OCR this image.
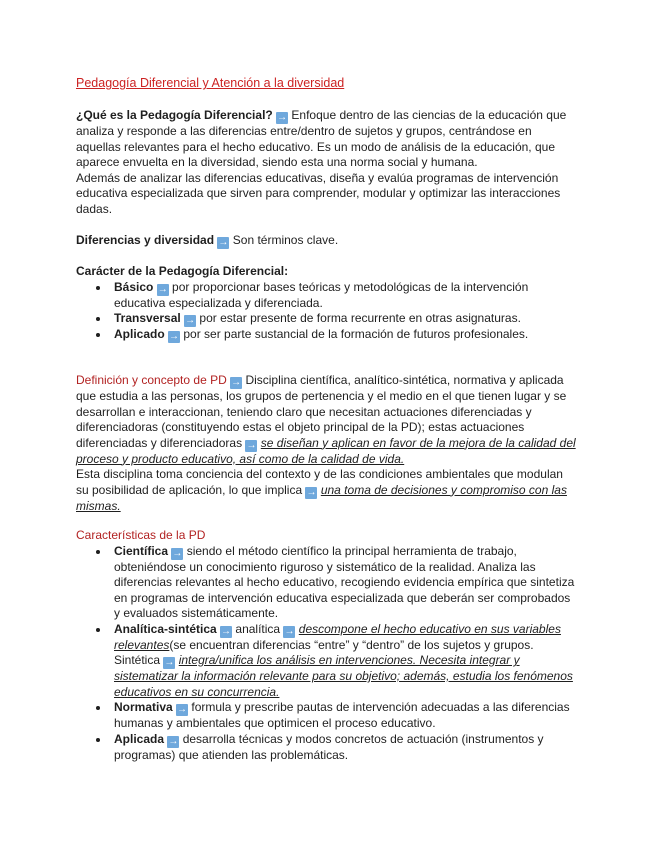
Pedagogía Diferencial y Atención a la diversidad

¿Qué es la Pedagogía Diferencial? → Enfoque dentro de las ciencias de la educación que analiza y responde a las diferencias entre/dentro de sujetos y grupos, centrándose en aquellas relevantes para el hecho educativo. Es un modo de análisis de la educación, que aparece envuelta en la diversidad, siendo esta una norma social y humana.

Además de analizar las diferencias educativas, diseña y evalúa programas de intervención educativa especializada que sirven para comprender, modular y optimizar las interacciones dadas.

Diferencias y diversidad → Son términos clave.

Carácter de la Pedagogía Diferencial:

Básico → por proporcionar bases teóricas y metodológicas de la intervención educativa especializada y diferenciada.
Transversal → por estar presente de forma recurrente en otras asignaturas.
Aplicado → por ser parte sustancial de la formación de futuros profesionales.

Definición y concepto de PD → Disciplina científica, analítico-sintética, normativa y aplicada que estudia a las personas, los grupos de pertenencia y el medio en el que tienen lugar y se desarrollan e interaccionan, teniendo claro que necesitan actuaciones diferenciadas y diferenciadoras (constituyendo estas el objeto principal de la PD); estas actuaciones diferenciadas y diferenciadoras → se diseñan y aplican en favor de la mejora de la calidad del proceso y producto educativo, así como de la calidad de vida.

Esta disciplina toma conciencia del contexto y de las condiciones ambientales que modulan su posibilidad de aplicación, lo que implica → una toma de decisiones y compromiso con las mismas.

Características de la PD

Científica → siendo el método científico la principal herramienta de trabajo, obteniéndose un conocimiento riguroso y sistemático de la realidad. Analiza las diferencias relevantes al hecho educativo, recogiendo evidencia empírica que sintetiza en programas de intervención educativa especializada que deberán ser comprobados y evaluados sistemáticamente.
Analítica-sintética → analítica → descompone el hecho educativo en sus variables relevantes(se encuentran diferencias “entre” y “dentro” de los sujetos y grupos. Sintética → integra/unifica los análisis en intervenciones. Necesita integrar y sistematizar la información relevante para su objetivo; además, estudia los fenómenos educativos en su concurrencia.
Normativa → formula y prescribe pautas de intervención adecuadas a las diferencias humanas y ambientales que optimicen el proceso educativo.
Aplicada → desarrolla técnicas y modos concretos de actuación (instrumentos y programas) que atienden las problemáticas.
